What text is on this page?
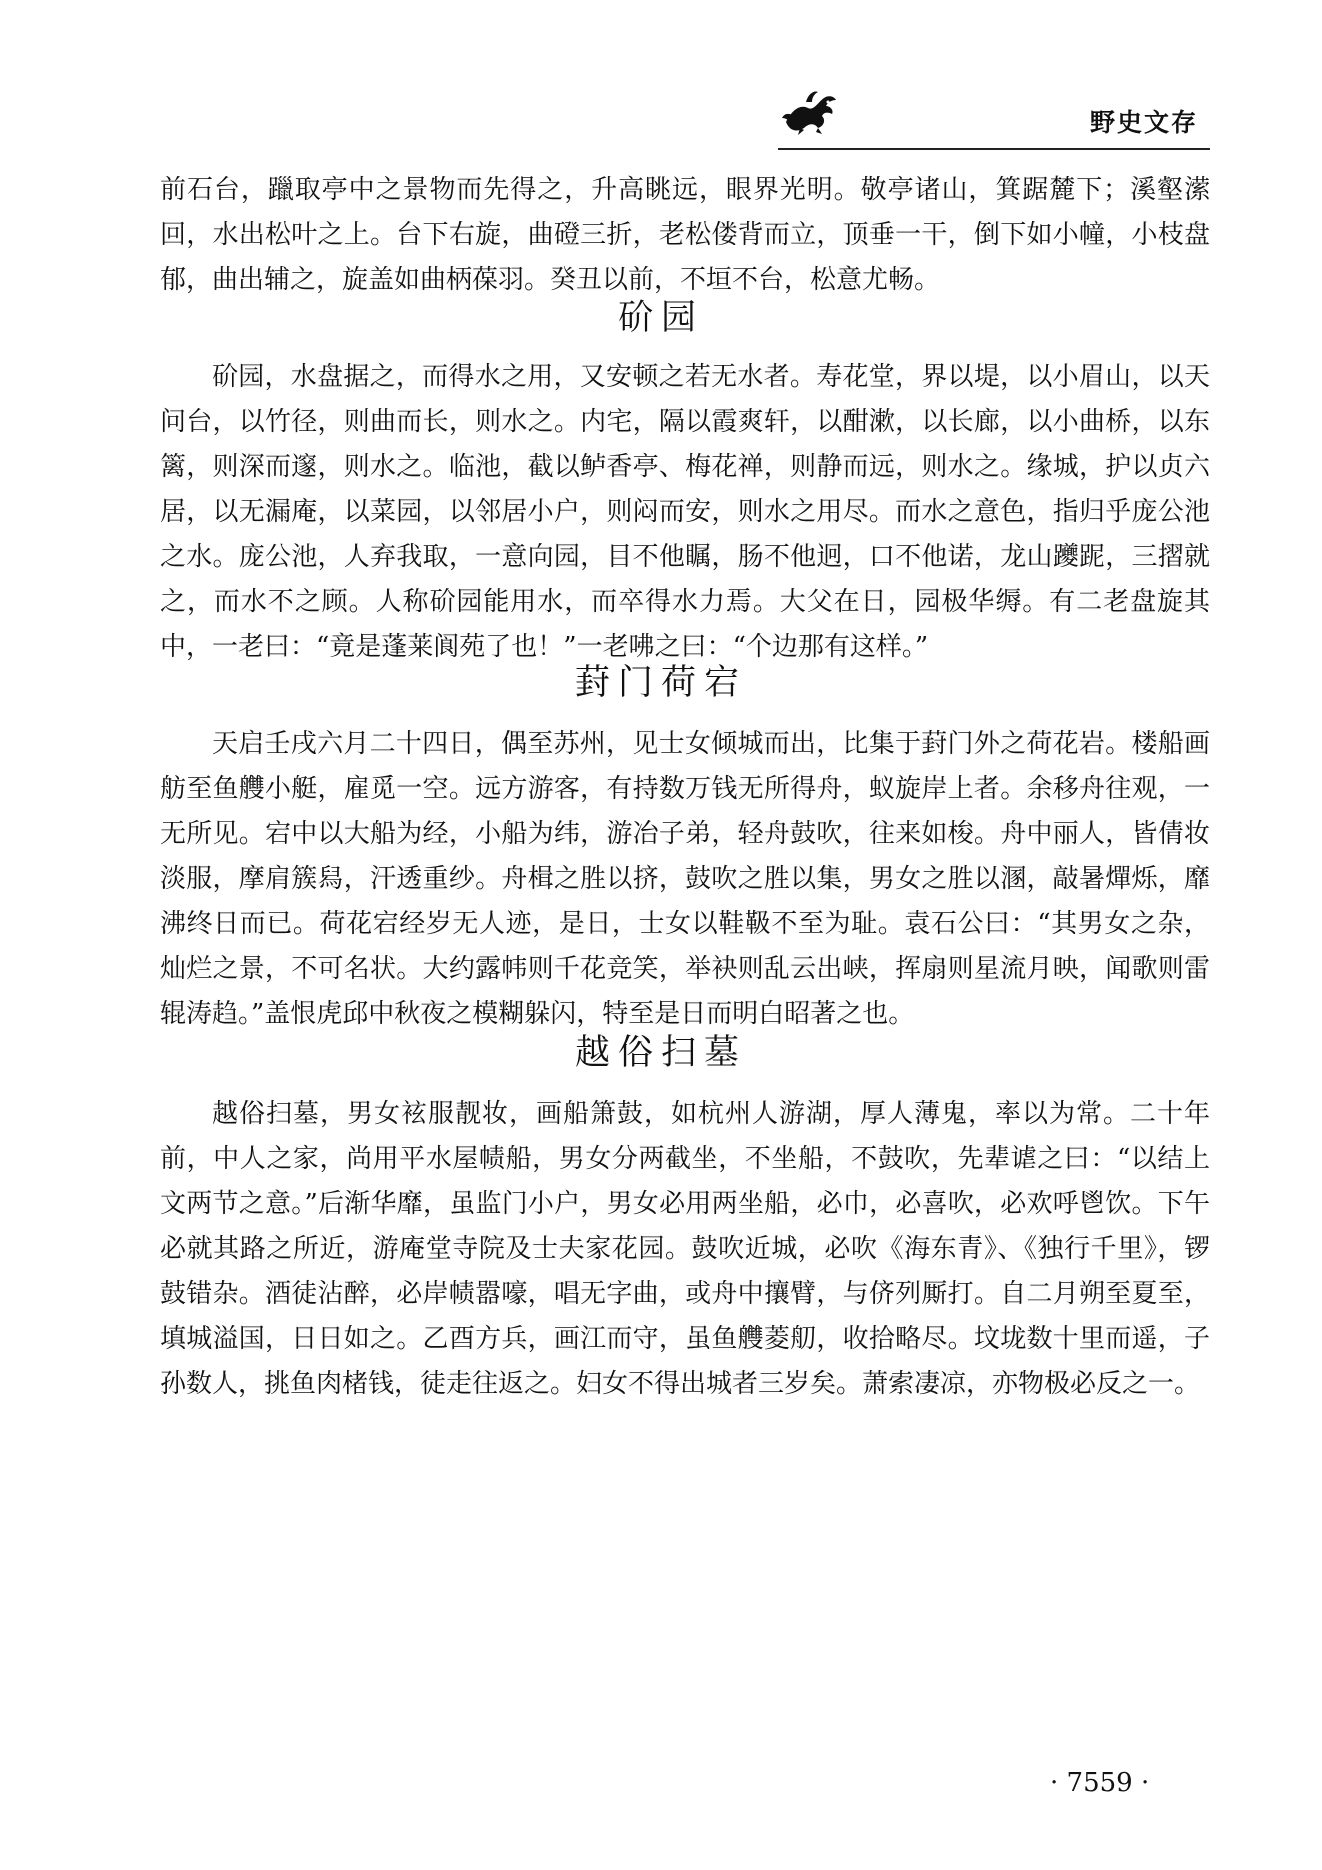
野史文存

前石台，躐取亭中之景物而先得之，升高眺远，眼界光明。敬亭诸山，箕踞麓下；溪壑潆回，水出松叶之上。台下右旋，曲磴三折，老松偻背而立，顶垂一干，倒下如小幢，小枝盘郁，曲出辅之，旋盖如曲柄葆羽。癸丑以前，不垣不台，松意尤畅。

砎园

砎园，水盘据之，而得水之用，又安顿之若无水者。寿花堂，界以堤，以小眉山，以天问台，以竹径，则曲而长，则水之。内宅，隔以霞爽轩，以酣漱，以长廊，以小曲桥，以东篱，则深而邃，则水之。临池，截以鲈香亭、梅花禅，则静而远，则水之。缘城，护以贞六居，以无漏庵，以菜园，以邻居小户，则闷而安，则水之用尽。而水之意色，指归乎庞公池之水。庞公池，人弃我取，一意向园，目不他瞩，肠不他迥，口不他诺，龙山躨跜，三摺就之，而水不之顾。人称砎园能用水，而卒得水力焉。大父在日，园极华缛。有二老盘旋其中，一老曰：“竟是蓬莱阆苑了也！”一老咈之曰：“个边那有这样。”

葑门荷宕

天启壬戌六月二十四日，偶至苏州，见士女倾城而出，比集于葑门外之荷花岩。楼船画舫至鱼艭小艇，雇觅一空。远方游客，有持数万钱无所得舟，蚁旋岸上者。余移舟往观，一无所见。宕中以大船为经，小船为纬，游冶子弟，轻舟鼓吹，往来如梭。舟中丽人，皆倩妆淡服，摩肩簇舄，汗透重纱。舟楫之胜以挤，鼓吹之胜以集，男女之胜以溷，敲暑燀烁，靡沸终日而已。荷花宕经岁无人迹，是日，士女以鞋靸不至为耻。袁石公曰：“其男女之杂，灿烂之景，不可名状。大约露帏则千花竞笑，举袂则乱云出峡，挥扇则星流月映，闻歌则雷辊涛趋。”盖恨虎邱中秋夜之模糊躲闪，特至是日而明白昭著之也。

越俗扫墓

越俗扫墓，男女袨服靓妆，画船箫鼓，如杭州人游湖，厚人薄鬼，率以为常。二十年前，中人之家，尚用平水屋帻船，男女分两截坐，不坐船，不鼓吹，先辈谑之曰：“以结上文两节之意。”后渐华靡，虽监门小户，男女必用两坐船，必巾，必喜吹，必欢呼鬯饮。下午必就其路之所近，游庵堂寺院及士夫家花园。鼓吹近城，必吹《海东青》、《独行千里》，锣鼓错杂。酒徒沾醉，必岸帻嚣嚎，唱无字曲，或舟中攘臂，与侪列厮打。自二月朔至夏至，填城溢国，日日如之。乙酉方兵，画江而守，虽鱼艭菱舠，收拾略尽。坟垅数十里而遥，子孙数人，挑鱼肉楮钱，徒走往返之。妇女不得出城者三岁矣。萧索凄凉，亦物极必反之一。

· 7559 ·
